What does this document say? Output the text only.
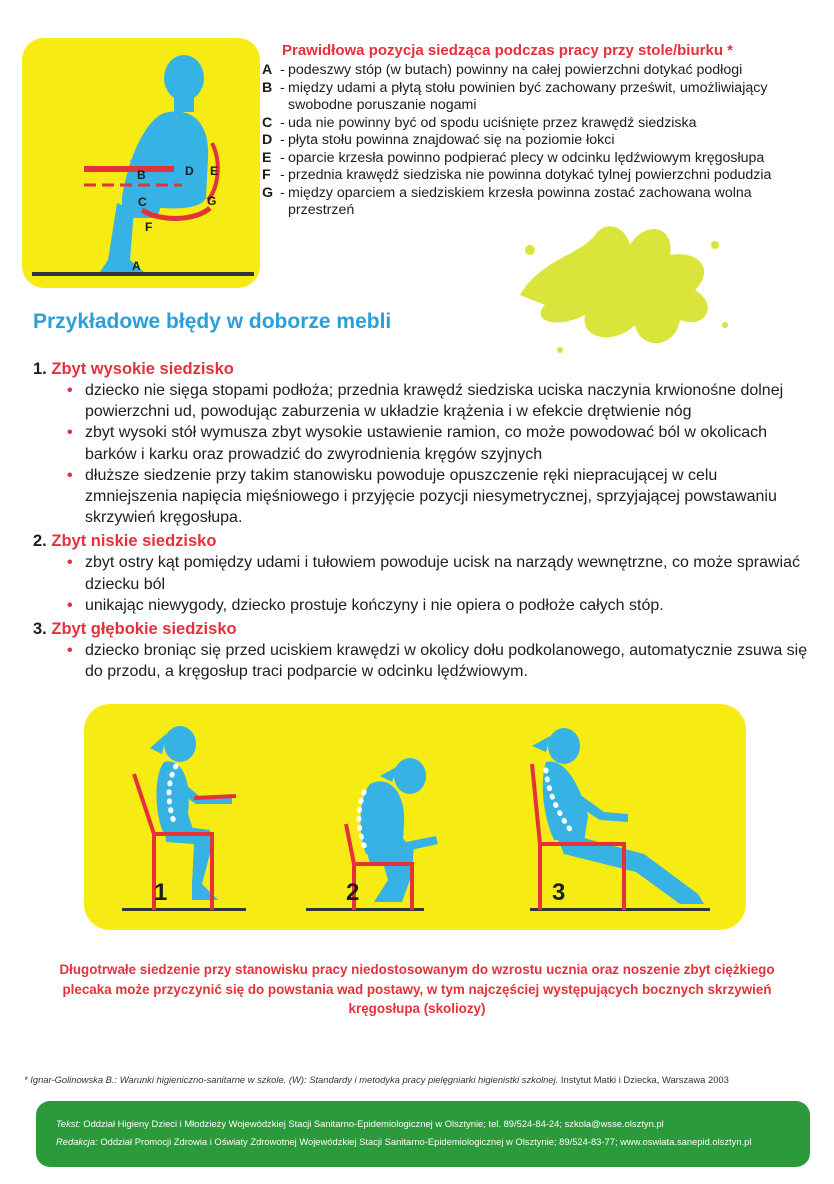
B
C
D E
F
G
A
Prawidłowa pozycja siedząca podczas pracy przy stole/biurku *
A - podeszwy stóp (w butach) powinny na całej powierzchni dotykać podłogi
B - między udami a płytą stołu powinien być zachowany prześwit, umożliwiający swobodne poruszanie nogami
C - uda nie powinny być od spodu uciśnięte przez krawędź siedziska
D - płyta stołu powinna znajdować się na poziomie łokci
E - oparcie krzesła powinno podpierać plecy w odcinku lędźwiowym kręgosłupa
F - przednia krawędź siedziska nie powinna dotykać tylnej powierzchni podudzia
G - między oparciem a siedziskiem krzesła powinna zostać zachowana wolna przestrzeń
Przykładowe błędy w doborze mebli
1. Zbyt wysokie siedzisko
• dziecko nie sięga stopami podłoża; przednia krawędź siedziska uciska naczynia krwionośne dolnej powierzchni ud, powodując zaburzenia w układzie krążenia i w efekcie drętwienie nóg
• zbyt wysoki stół wymusza zbyt wysokie ustawienie ramion, co może powodować ból w okolicach barków i karku oraz prowadzić do zwyrodnienia kręgów szyjnych
• dłuższe siedzenie przy takim stanowisku powoduje opuszczenie ręki niepracującej w celu zmniejszenia napięcia mięśniowego i przyjęcie pozycji niesymetrycznej, sprzyjającej powstawaniu skrzywień kręgosłupa.
2. Zbyt niskie siedzisko
• zbyt ostry kąt pomiędzy udami i tułowiem powoduje ucisk na narządy wewnętrzne, co może sprawiać dziecku ból
• unikając niewygody, dziecko prostuje kończyny i nie opiera o podłoże całych stóp.
3. Zbyt głębokie siedzisko
• dziecko broniąc się przed uciskiem krawędzi w okolicy dołu podkolanowego, automatycznie zsuwa się do przodu, a kręgosłup traci podparcie w odcinku lędźwiowym.
1	2	3

Długotrwałe siedzenie przy stanowisku pracy niedostosowanym do wzrostu ucznia oraz noszenie zbyt ciężkiego plecaka może przyczynić się do powstania wad postawy, w tym najczęściej występujących bocznych skrzywień kręgosłupa (skoliozy)

* Ignar-Golinowska B.: Warunki higieniczno-sanitarne w szkole. (W): Standardy i metodyka pracy pielęgniarki higienistki szkolnej. Instytut Matki i Dziecka, Warszawa 2003
Tekst: Oddział Higieny Dzieci i Młodzieży Wojewódzkiej Stacji Sanitarno-Epidemiologicznej w Olsztynie; tel. 89/524-84-24; szkola@wsse.olsztyn.pl
Redakcja: Oddział Promocji Zdrowia i Oświaty Zdrowotnej Wojewódzkiej Stacji Sanitarno-Epidemiologicznej w Olsztynie; 89/524-83-77; www.oswiata.sanepid.olsztyn.pl
